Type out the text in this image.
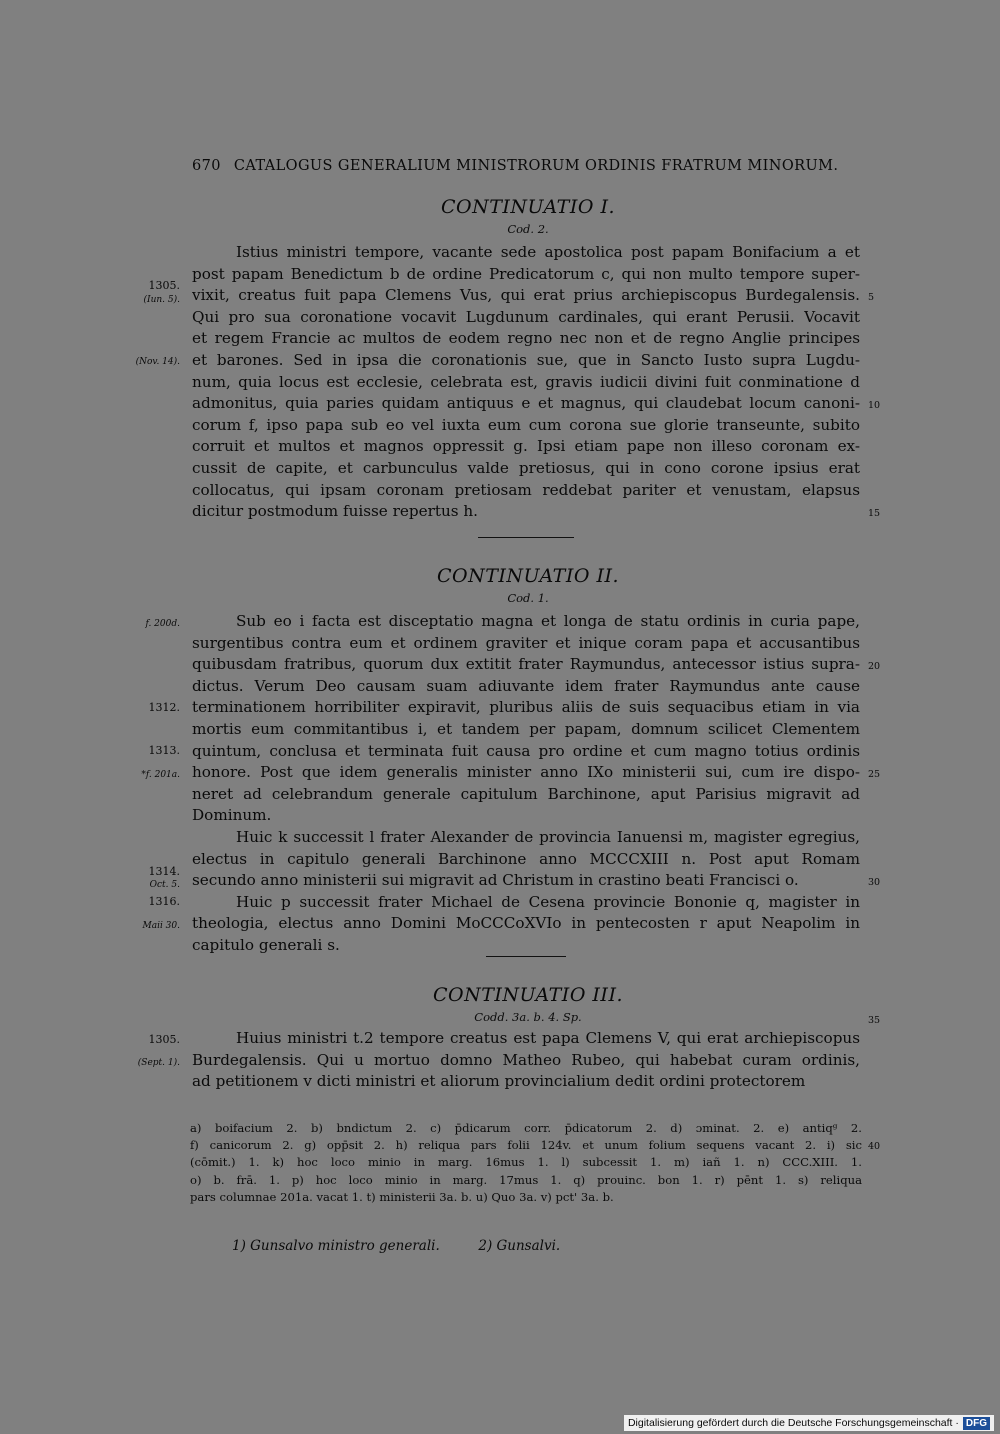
670 CATALOGUS GENERALIUM MINISTRORUM ORDINIS FRATRUM MINORUM.
CONTINUATIO I.
Cod. 2.
Istius ministri tempore, vacante sede apostolica post papam Bonifacium a et
post papam Benedictum b de ordine Predicatorum c, qui non multo tempore super-
vixit, creatus fuit papa Clemens Vus, qui erat prius archiepiscopus Burdegalensis.
Qui pro sua coronatione vocavit Lugdunum cardinales, qui erant Perusii. Vocavit
et regem Francie ac multos de eodem regno nec non et de regno Anglie principes
et barones. Sed in ipsa die coronationis sue, que in Sancto Iusto supra Lugdu-
num, quia locus est ecclesie, celebrata est, gravis iudicii divini fuit conminatione d
admonitus, quia paries quidam antiquus e et magnus, qui claudebat locum canoni-
corum f, ipso papa sub eo vel iuxta eum cum corona sue glorie transeunte, subito
corruit et multos et magnos oppressit g. Ipsi etiam pape non illeso coronam ex-
cussit de capite, et carbunculus valde pretiosus, qui in cono corone ipsius erat
collocatus, qui ipsam coronam pretiosam reddebat pariter et venustam, elapsus
dicitur postmodum fuisse repertus h.
CONTINUATIO II.
Cod. 1.
Sub eo i facta est disceptatio magna et longa de statu ordinis in curia pape,
surgentibus contra eum et ordinem graviter et inique coram papa et accusantibus
quibusdam fratribus, quorum dux extitit frater Raymundus, antecessor istius supra-
dictus. Verum Deo causam suam adiuvante idem frater Raymundus ante cause
terminationem horribiliter expiravit, pluribus aliis de suis sequacibus etiam in via
mortis eum commitantibus i, et tandem per papam, domnum scilicet Clementem
quintum, conclusa et terminata fuit causa pro ordine et cum magno totius ordinis
honore. Post que idem generalis minister anno IXo ministerii sui, cum ire dispo-
neret ad celebrandum generale capitulum Barchinone, aput Parisius migravit ad
Dominum.
Huic k successit l frater Alexander de provincia Ianuensi m, magister egregius,
electus in capitulo generali Barchinone anno MCCCXIII n. Post aput Romam
secundo anno ministerii sui migravit ad Christum in crastino beati Francisci o.
Huic p successit frater Michael de Cesena provincie Bononie q, magister in
theologia, electus anno Domini MoCCCoXVIo in pentecosten r aput Neapolim in
capitulo generali s.
CONTINUATIO III.
Codd. 3a. b. 4. Sp.
Huius ministri t.2 tempore creatus est papa Clemens V, qui erat archiepiscopus
Burdegalensis. Qui u mortuo domno Matheo Rubeo, qui habebat curam ordinis,
ad petitionem v dicti ministri et aliorum provincialium dedit ordini protectorem
1305.
(Iun. 5).
(Nov. 14).
f. 200d.
1312.
1313.
*f. 201a.
1314.
Oct. 5.
1316.
Maii 30.
1305.
(Sept. 1).
5
10
15
20
25
30
35
40
a) boifacium 2. b) bndictum 2. c) p̄dicarum corr. p̄dicatorum 2. d) ɔminat. 2. e) antiqᵍ 2.
f) canicorum 2. g) opp̄sit 2. h) reliqua pars folii 124v. et unum folium sequens vacant 2. i) sic
(cōmit.) 1. k) hoc loco minio in marg. 16mus 1. l) subcessit 1. m) iañ 1. n) CCC.XIII. 1.
o) b. frā. 1. p) hoc loco minio in marg. 17mus 1. q) prouinc. bon 1. r) pēnt 1. s) reliqua
pars columnae 201a. vacat 1. t) ministerii 3a. b. u) Quo 3a. v) pct' 3a. b.
1) Gunsalvo ministro generali.	2) Gunsalvi.
Digitalisierung gefördert durch die Deutsche Forschungsgemeinschaft · DFG
